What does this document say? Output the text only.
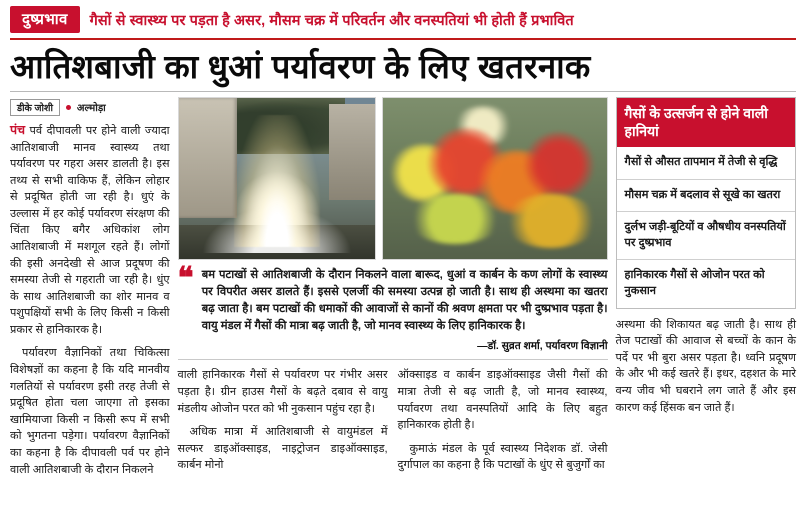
दुष्प्रभाव	गैसों से स्वास्थ्य पर पड़ता है असर, मौसम चक्र में परिवर्तन और वनस्पतियां भी होती हैं प्रभावित
आतिशबाजी का धुआं पर्यावरण के लिए खतरनाक
डीके जोशी	अल्मोड़ा

पंच पर्व दीपावली पर होने वाली ज्यादा आतिशबाजी मानव स्वास्थ्य तथा पर्यावरण पर गहरा असर डालती है। इस तथ्य से सभी वाकिफ हैं, लेकिन लोहार से प्रदूषित होती जा रही है। धुएं के उल्लास में हर कोई पर्यावरण संरक्षण की चिंता किए बगैर अधिकांश लोग आतिशबाजी में मशगूल रहते हैं। लोगों की इसी अनदेखी से आज प्रदूषण की समस्या तेजी से गहराती जा रही है। धुंए के साथ आतिशबाजी का शोर मानव व पशुपक्षियों सभी के लिए किसी न किसी प्रकार से हानिकारक है।

पर्यावरण वैज्ञानिकों तथा चिकित्सा विशेषज्ञों का कहना है कि यदि मानवीय गलतियों से पर्यावरण इसी तरह तेजी से प्रदूषित होता चला जाएगा तो इसका खामियाजा किसी न किसी रूप में सभी को भुगतना पड़ेगा। पर्यावरण वैज्ञानिकों का कहना है कि दीपावली पर्व पर होने वाली आतिशबाजी के दौरान निकलने

❝ बम पटाखों से आतिशबाजी के दौरान निकलने वाला बारूद, धुआं व कार्बन के कण लोगों के स्वास्थ्य पर विपरीत असर डालते हैं। इससे एलर्जी की समस्या उत्पन्न हो जाती है। साथ ही अस्थमा का खतरा बढ़ जाता है। बम पटाखों की धमाकों की आवाजों से कानों की श्रवण क्षमता पर भी दुष्प्रभाव पड़ता है। वायु मंडल में गैसों की मात्रा बढ़ जाती है, जो मानव स्वास्थ्य के लिए हानिकारक है।
—डॉ. सुव्रत शर्मा, पर्यावरण विज्ञानी

वाली हानिकारक गैसों से पर्यावरण पर गंभीर असर पड़ता है। ग्रीन हाउस गैसों के बढ़ते दबाव से वायु मंडलीय ओजोन परत को भी नुकसान पहुंच रहा है।

अधिक मात्रा में आतिशबाजी से वायुमंडल में सल्फर डाइऑक्साइड, नाइट्रोजन डाइऑक्साइड, कार्बन मोनो

ऑक्साइड व कार्बन डाइऑक्साइड जैसी गैसों की मात्रा तेजी से बढ़ जाती है, जो मानव स्वास्थ्य, पर्यावरण तथा वनस्पतियों आदि के लिए बहुत हानिकारक होती है।

कुमाऊं मंडल के पूर्व स्वास्थ्य निदेशक डॉ. जेसी दुर्गापाल का कहना है कि पटाखों के धुंए से बुजुर्गों का

गैसों के उत्सर्जन से होने वाली हानियां
गैसों से औसत तापमान में तेजी से वृद्धि
मौसम चक्र में बदलाव से सूखे का खतरा
दुर्लभ जड़ी-बूटियों व औषधीय वनस्पतियों पर दुष्प्रभाव
हानिकारक गैसों से ओजोन परत को नुकसान

अस्थमा की शिकायत बढ़ जाती है। साथ ही तेज पटाखों की आवाज से बच्चों के कान के पर्दे पर भी बुरा असर पड़ता है। ध्वनि प्रदूषण के और भी कई खतरे हैं। इधर, दहशत के मारे वन्य जीव भी घबराने लग जाते हैं और इस कारण कई हिंसक बन जाते हैं।
